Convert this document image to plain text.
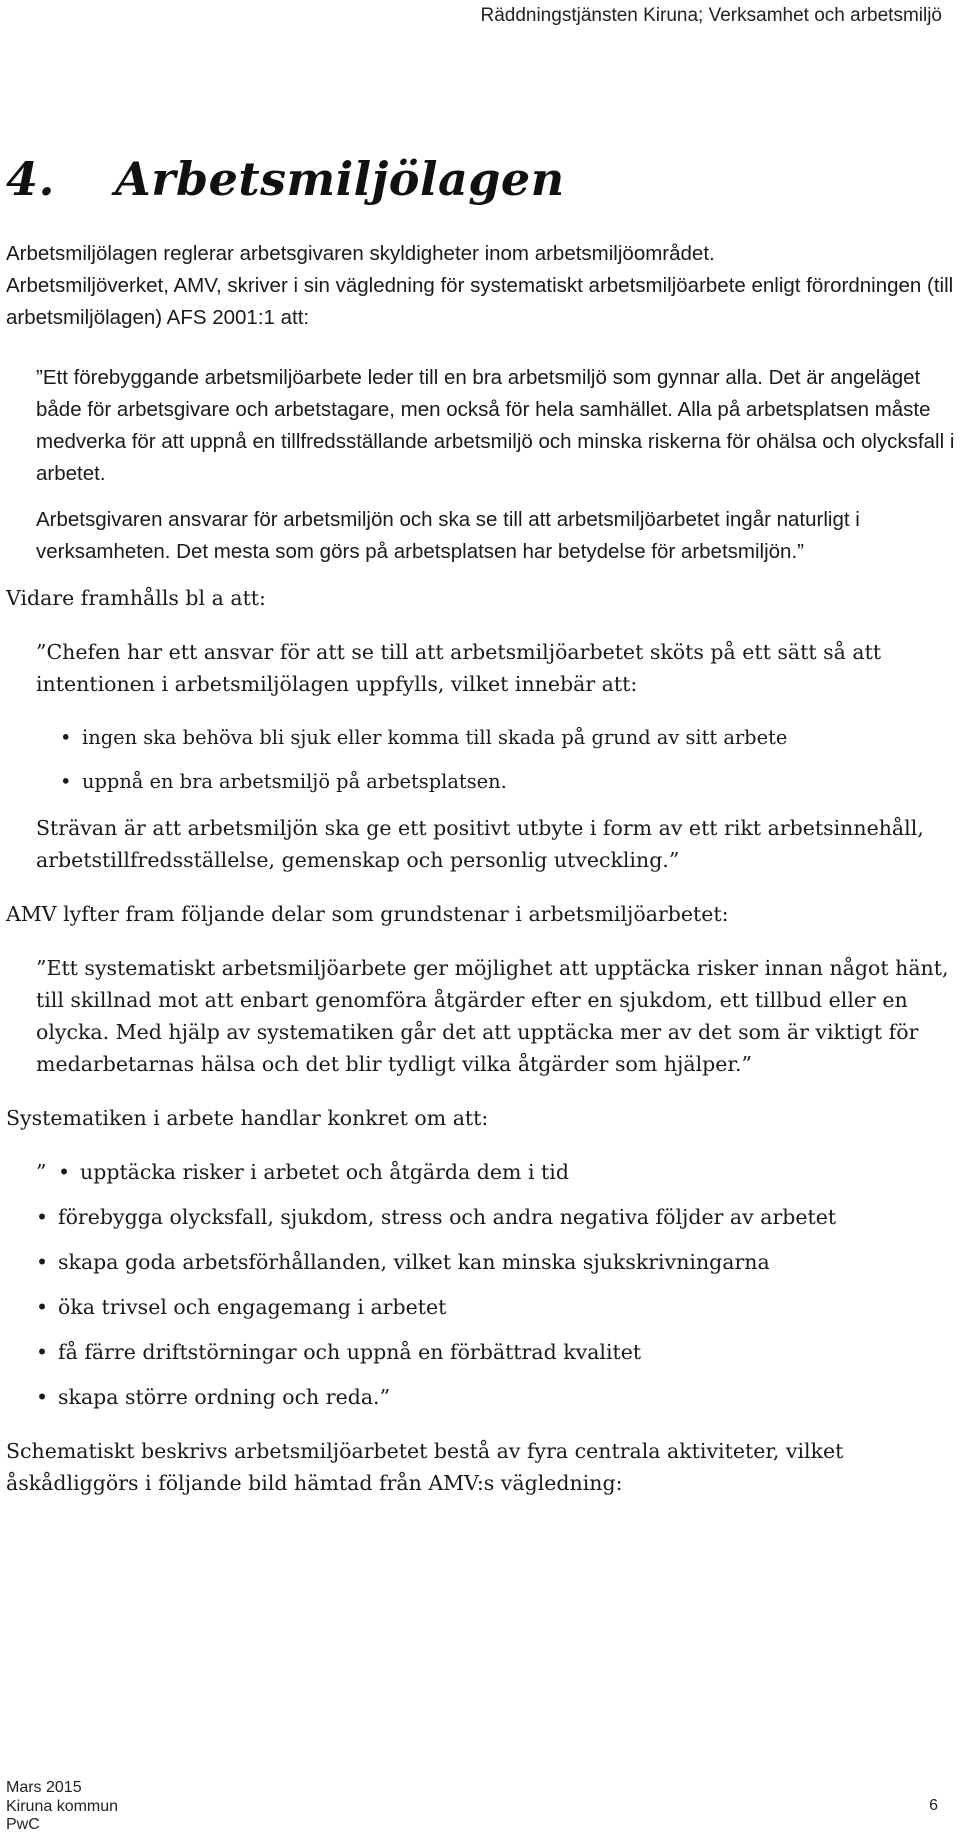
Räddningstjänsten Kiruna; Verksamhet och arbetsmiljö
4. Arbetsmiljölagen

Arbetsmiljölagen reglerar arbetsgivaren skyldigheter inom arbetsmiljöområdet.

Arbetsmiljöverket, AMV, skriver i sin vägledning för systematiskt arbetsmiljöarbete enligt förordningen (till arbetsmiljölagen) AFS 2001:1 att:

”Ett förebyggande arbetsmiljöarbete leder till en bra arbetsmiljö som gynnar alla. Det är angeläget både för arbetsgivare och arbetstagare, men också för hela samhället. Alla på arbetsplatsen måste medverka för att uppnå en tillfredsställande arbetsmiljö och minska riskerna för ohälsa och olycksfall i arbetet.

Arbetsgivaren ansvarar för arbetsmiljön och ska se till att arbetsmiljöarbetet ingår naturligt i verksamheten. Det mesta som görs på arbetsplatsen har betydelse för arbetsmiljön.”

Vidare framhålls bl a att:

”Chefen har ett ansvar för att se till att arbetsmiljöarbetet sköts på ett sätt så att intentionen i arbetsmiljölagen uppfylls, vilket innebär att:

• ingen ska behöva bli sjuk eller komma till skada på grund av sitt arbete
• uppnå en bra arbetsmiljö på arbetsplatsen.

Strävan är att arbetsmiljön ska ge ett positivt utbyte i form av ett rikt arbetsinnehåll, arbetstillfredsställelse, gemenskap och personlig utveckling.”

AMV lyfter fram följande delar som grundstenar i arbetsmiljöarbetet:

”Ett systematiskt arbetsmiljöarbete ger möjlighet att upptäcka risker innan något hänt, till skillnad mot att enbart genomföra åtgärder efter en sjukdom, ett tillbud eller en olycka. Med hjälp av systematiken går det att upptäcka mer av det som är viktigt för medarbetarnas hälsa och det blir tydligt vilka åtgärder som hjälper.”

Systematiken i arbete handlar konkret om att:

” • upptäcka risker i arbetet och åtgärda dem i tid
• förebygga olycksfall, sjukdom, stress och andra negativa följder av arbetet
• skapa goda arbetsförhållanden, vilket kan minska sjukskrivningarna
• öka trivsel och engagemang i arbetet
• få färre driftstörningar och uppnå en förbättrad kvalitet
• skapa större ordning och reda.”

Schematiskt beskrivs arbetsmiljöarbetet bestå av fyra centrala aktiviteter, vilket åskådliggörs i följande bild hämtad från AMV:s vägledning:

Mars 2015
Kiruna kommun
PwC
6
